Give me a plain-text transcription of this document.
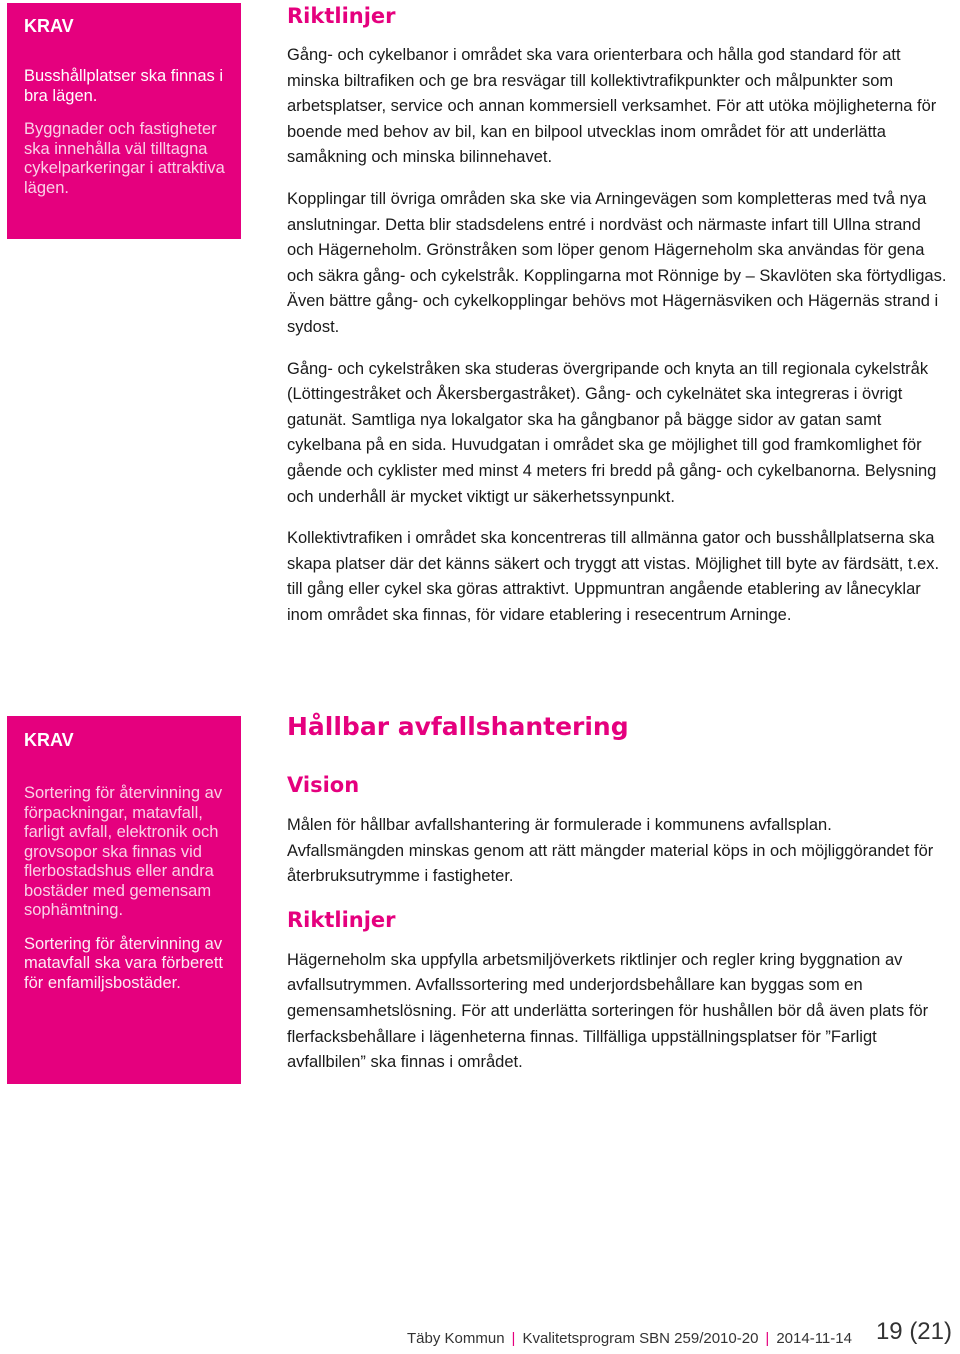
KRAV

Busshållplatser ska finnas i bra lägen.

Byggnader och fastigheter ska innehålla väl tilltagna cykelparkeringar i attraktiva lägen.

KRAV

Sortering för återvinning av förpackningar, matavfall, farligt avfall, elektronik och grovsopor ska finnas vid flerbostadshus eller andra bostäder med gemensam sophämtning.

Sortering för återvinning av matavfall ska vara förberett för enfamiljsbostäder.

Riktlinjer

Gång- och cykelbanor i området ska vara orienterbara och hålla god standard för att minska biltrafiken och ge bra resvägar till kollektivtrafikpunkter och målpunkter som arbetsplatser, service och annan kommersiell verksamhet. För att utöka möjligheterna för boende med behov av bil, kan en bilpool utvecklas inom området för att underlätta samåkning och minska bilinnehavet.

Kopplingar till övriga områden ska ske via Arningevägen som kompletteras med två nya anslutningar. Detta blir stadsdelens entré i nordväst och närmaste infart till Ullna strand och Hägerneholm. Grönstråken som löper genom Hägerneholm ska användas för gena och säkra gång- och cykelstråk. Kopplingarna mot Rönnige by – Skavlöten ska förtydligas. Även bättre gång- och cykelkopplingar behövs mot Hägernäsviken och Hägernäs strand i sydost.

Gång- och cykelstråken ska studeras övergripande och knyta an till regionala cykelstråk (Löttingestråket och Åkersbergastråket). Gång- och cykelnätet ska integreras i övrigt gatunät. Samtliga nya lokalgator ska ha gångbanor på bägge sidor av gatan samt cykelbana på en sida. Huvudgatan i området ska ge möjlighet till god framkomlighet för gående och cyklister med minst 4 meters fri bredd på gång- och cykelbanorna. Belysning och underhåll är mycket viktigt ur säkerhetssynpunkt.

Kollektivtrafiken i området ska koncentreras till allmänna gator och busshållplatserna ska skapa platser där det känns säkert och tryggt att vistas. Möjlighet till byte av färdsätt, t.ex. till gång eller cykel ska göras attraktivt. Uppmuntran angående etablering av lånecyklar inom området ska finnas, för vidare etablering i resecentrum Arninge.

Hållbar avfallshantering
Vision

Målen för hållbar avfallshantering är formulerade i kommunens avfallsplan. Avfallsmängden minskas genom att rätt mängder material köps in och möjliggörandet för återbruksutrymme i fastigheter.

Riktlinjer

Hägerneholm ska uppfylla arbetsmiljöverkets riktlinjer och regler kring byggnation av avfallsutrymmen. Avfallssortering med underjordsbehållare kan byggas som en gemensamhetslösning. För att underlätta sorteringen för hushållen bör då även plats för flerfacksbehållare i lägenheterna finnas. Tillfälliga uppställningsplatser för ”Farligt avfallbilen” ska finnas i området.

Täby Kommun | Kvalitetsprogram SBN 259/2010-20 | 2014-11-14 19 (21)
